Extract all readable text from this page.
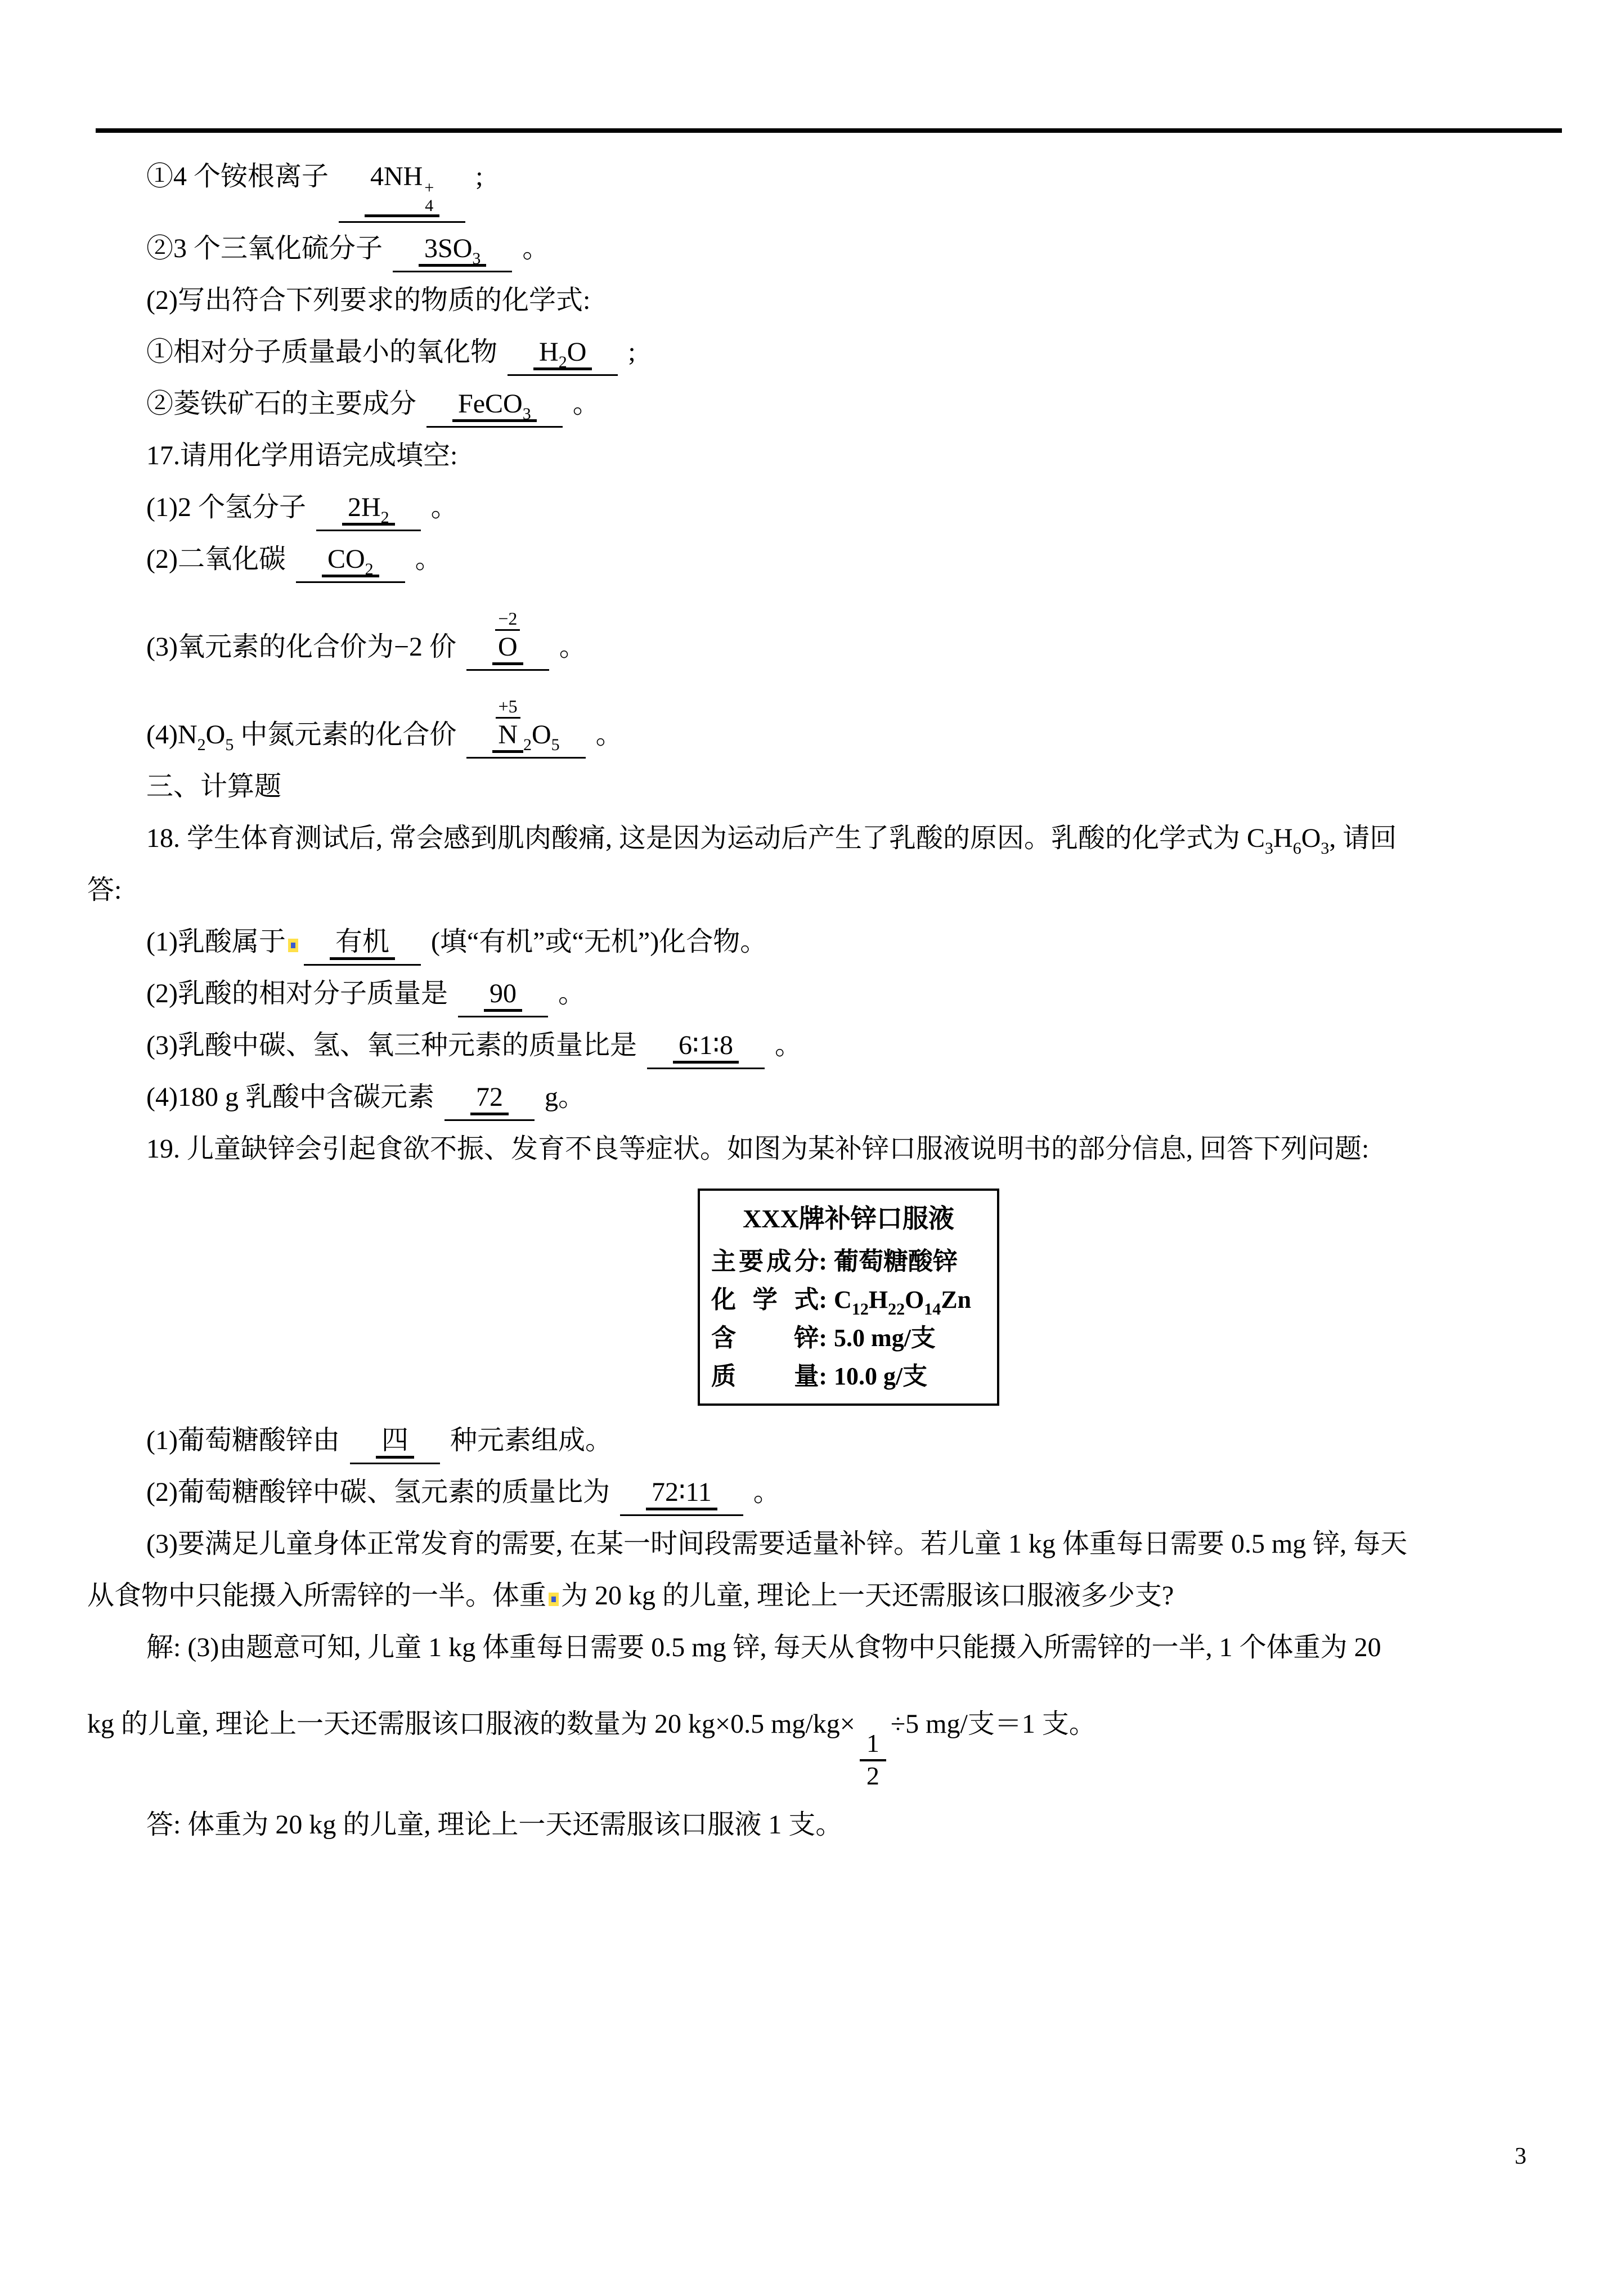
①4 个铵根离子 4NH +
4
;
②3 个三氧化硫分子 $3SO_3$ 。
(2)写出符合下列要求的物质的化学式:
①相对分子质量最小的氧化物 $H_2O$ ;
②菱铁矿石的主要成分 FeCO$_3$ 。
17.请用化学用语完成填空:
(1)2 个氢分子 $2H_2$ 。
(2)二氧化碳 $CO_2$ 。
(3)氧元素的化合价为−2 价
−2
O 。
$(4)N_2O_5$ 中氮元素的化合价
+5
N $_2O_5$ 。
三、计算题
18. 学生体育测试后, 常会感到肌肉酸痛, 这是因为运动后产生了乳酸的原因。乳酸的化学式为 $C_3H_6O_3$, 请回
答:
(1)乳酸属于 有机 (填“有机”或“无机”)化合物。
(2)乳酸的相对分子质量是 90 。
(3)乳酸中碳、氢、氧三种元素的质量比是 6∶1∶8 。
(4)180 g 乳酸中含碳元素 72 g。
19. 儿童缺锌会引起食欲不振、发育不良等症状。如图为某补锌口服液说明书的部分信息, 回答下列问题:
XXX牌补锌口服液
主要成分 : 葡萄糖酸锌
化学式 : $C_{12}H_{22}O_{14}Zn$
含锌 : 5.0 mg/支
质量 : 10.0 g/支
(1)葡萄糖酸锌由 四 种元素组成。
(2)葡萄糖酸锌中碳、氢元素的质量比为 72∶11 。
(3)要满足儿童身体正常发育的需要, 在某一时间段需要适量补锌。若儿童 1 kg 体重每日需要 0.5 mg 锌, 每天
从食物中只能摄入所需锌的一半。体重 为 20 kg 的儿童, 理论上一天还需服该口服液多少支?
解: (3)由题意可知, 儿童 1 kg 体重每日需要 0.5 mg 锌, 每天从食物中只能摄入所需锌的一半, 1 个体重为 20
kg 的儿童, 理论上一天还需服该口服液的数量为 20 kg×0.5 mg/kg×
$\frac{1}{2}$
÷5 mg/支＝1 支。
答: 体重为 20 kg 的儿童, 理论上一天还需服该口服液 1 支。
3
